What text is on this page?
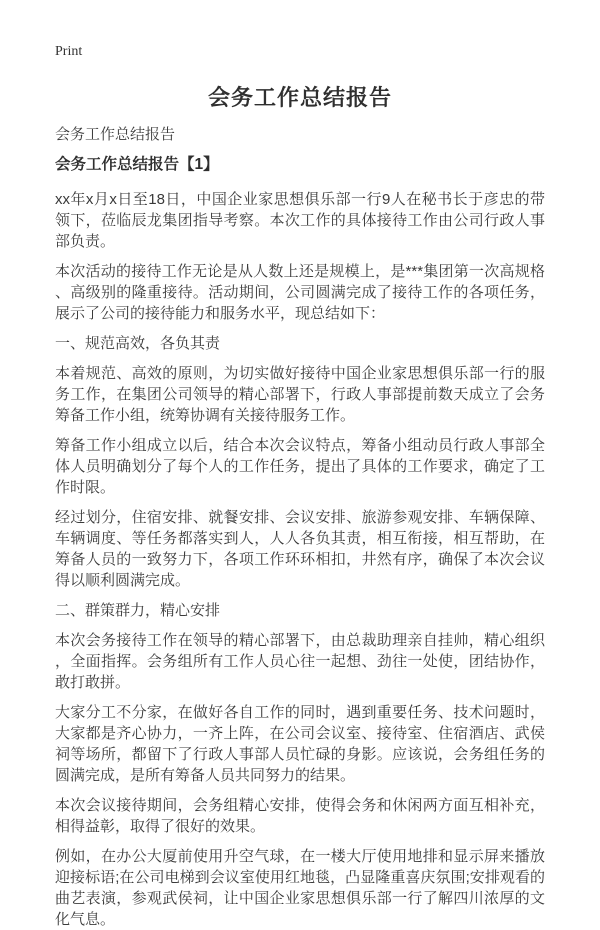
Print
会务工作总结报告

会务工作总结报告

会务工作总结报告【1】

xx年x月x日至18日，中国企业家思想俱乐部一行9人在秘书长于彦忠的带领下，莅临辰龙集团指导考察。本次工作的具体接待工作由公司行政人事部负责。

本次活动的接待工作无论是从人数上还是规模上，是***集团第一次高规格、高级别的隆重接待。活动期间，公司圆满完成了接待工作的各项任务，展示了公司的接待能力和服务水平，现总结如下：

一、规范高效，各负其责

本着规范、高效的原则，为切实做好接待中国企业家思想俱乐部一行的服务工作，在集团公司领导的精心部署下，行政人事部提前数天成立了会务筹备工作小组，统筹协调有关接待服务工作。

筹备工作小组成立以后，结合本次会议特点，筹备小组动员行政人事部全体人员明确划分了每个人的工作任务，提出了具体的工作要求，确定了工作时限。

经过划分，住宿安排、就餐安排、会议安排、旅游参观安排、车辆保障、车辆调度、等任务都落实到人，人人各负其责，相互衔接，相互帮助，在筹备人员的一致努力下，各项工作环环相扣，井然有序，确保了本次会议得以顺利圆满完成。

二、群策群力，精心安排

本次会务接待工作在领导的精心部署下，由总裁助理亲自挂帅，精心组织，全面指挥。会务组所有工作人员心往一起想、劲往一处使，团结协作，敢打敢拼。

大家分工不分家，在做好各自工作的同时，遇到重要任务、技术问题时，大家都是齐心协力，一齐上阵，在公司会议室、接待室、住宿酒店、武侯祠等场所，都留下了行政人事部人员忙碌的身影。应该说，会务组任务的圆满完成，是所有筹备人员共同努力的结果。

本次会议接待期间，会务组精心安排，使得会务和休闲两方面互相补充，相得益彰，取得了很好的效果。

例如，在办公大厦前使用升空气球，在一楼大厅使用地排和显示屏来播放迎接标语;在公司电梯到会议室使用红地毯，凸显隆重喜庆氛围;安排观看的曲艺表演，参观武侯祠，让中国企业家思想俱乐部一行了解四川浓厚的文化气息。
